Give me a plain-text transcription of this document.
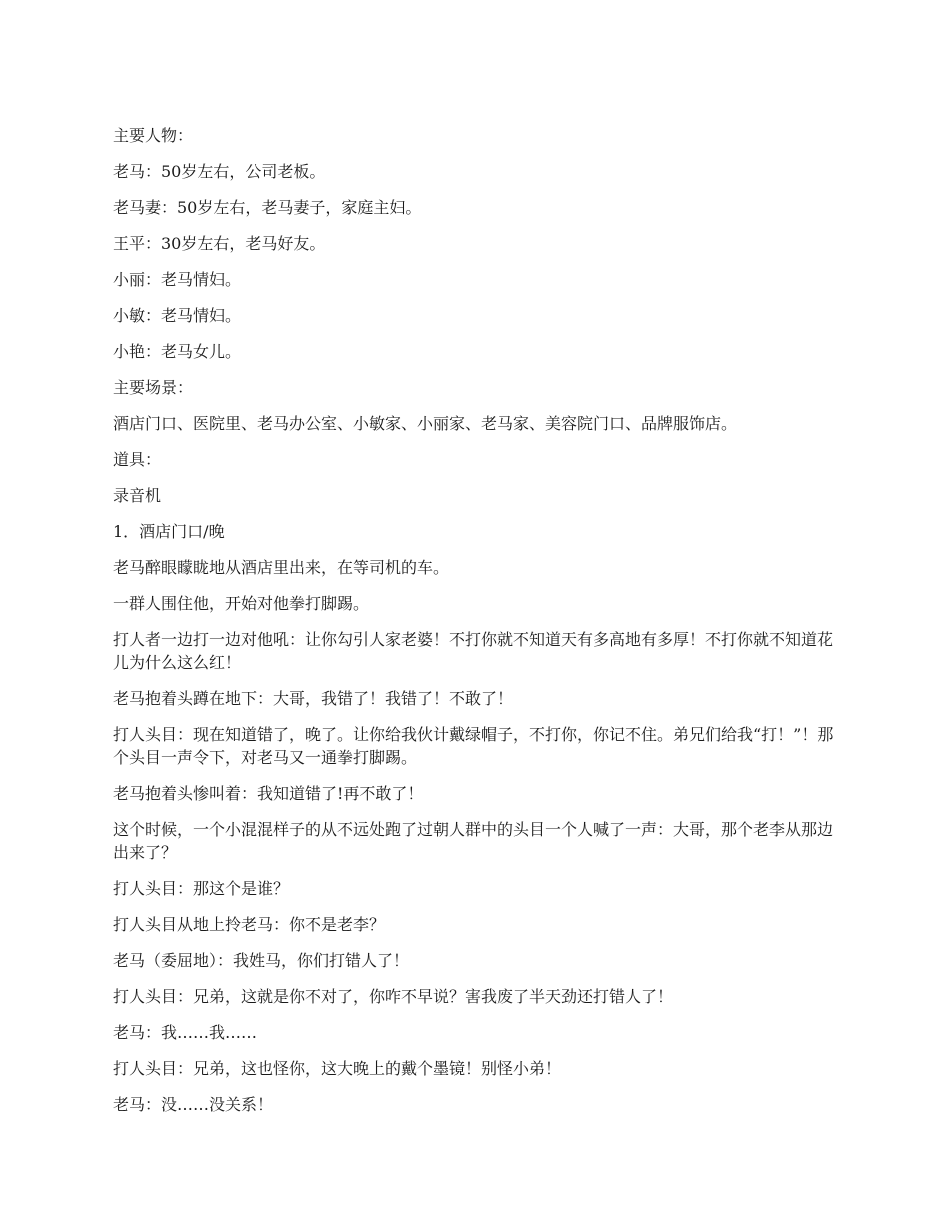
主要人物：

老马：50岁左右，公司老板。

老马妻：50岁左右，老马妻子，家庭主妇。

王平：30岁左右，老马好友。

小丽：老马情妇。

小敏：老马情妇。

小艳：老马女儿。

主要场景：

酒店门口、医院里、老马办公室、小敏家、小丽家、老马家、美容院门口、品牌服饰店。

道具：

录音机

1．酒店门口/晚

老马醉眼矇眬地从酒店里出来，在等司机的车。

一群人围住他，开始对他拳打脚踢。

打人者一边打一边对他吼：让你勾引人家老婆！不打你就不知道天有多高地有多厚！不打你就不知道花儿为什么这么红！

老马抱着头蹲在地下：大哥，我错了！我错了！不敢了！

打人头目：现在知道错了，晚了。让你给我伙计戴绿帽子，不打你，你记不住。弟兄们给我“打！”！那个头目一声令下，对老马又一通拳打脚踢。

老马抱着头惨叫着：我知道错了!再不敢了！

这个时候，一个小混混样子的从不远处跑了过朝人群中的头目一个人喊了一声：大哥，那个老李从那边出来了？

打人头目：那这个是谁？

打人头目从地上拎老马：你不是老李？

老马（委屈地）：我姓马，你们打错人了！

打人头目：兄弟，这就是你不对了，你咋不早说？害我废了半天劲还打错人了！

老马：我……我……

打人头目：兄弟，这也怪你，这大晚上的戴个墨镜！别怪小弟！

老马：没……没关系！
